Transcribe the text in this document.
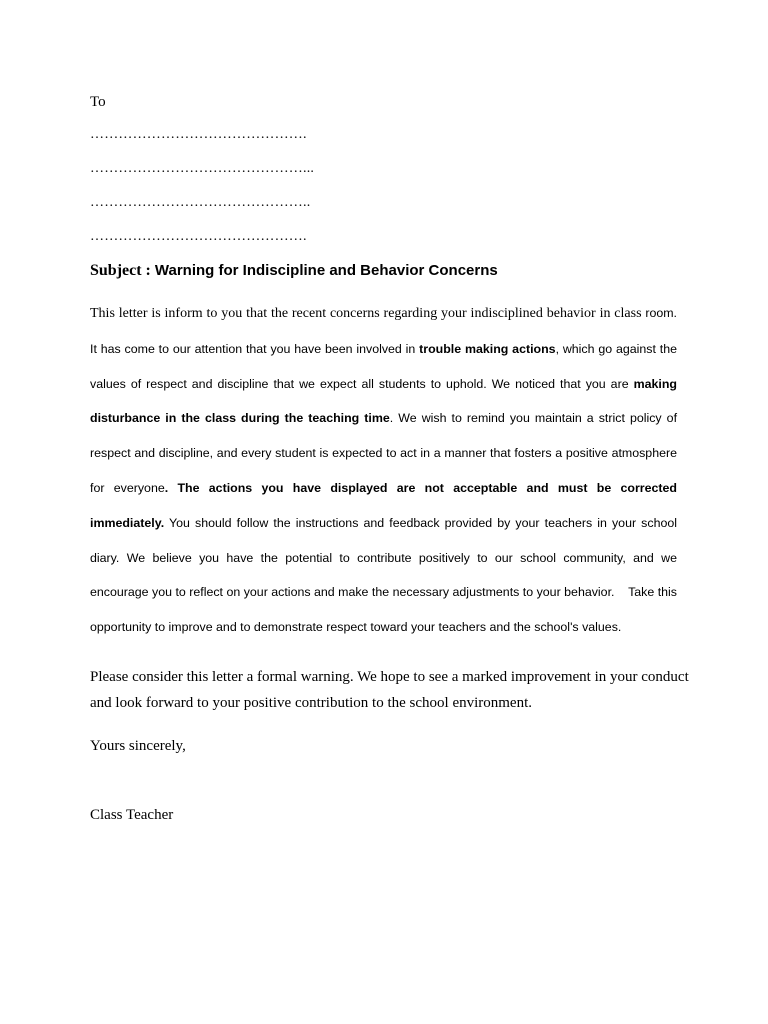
To
……………………………………….
………………………………………...
………………………………………..
……………………………………….
Subject : Warning for Indiscipline and Behavior Concerns

This letter is inform to you that the recent concerns regarding your indisciplined behavior in class room. It has come to our attention that you have been involved in trouble making actions, which go against the values of respect and discipline that we expect all students to uphold. We noticed that you are making disturbance in the class during the teaching time. We wish to remind you maintain a strict policy of respect and discipline, and every student is expected to act in a manner that fosters a positive atmosphere for everyone. The actions you have displayed are not acceptable and must be corrected immediately. You should follow the instructions and feedback provided by your teachers in your school diary. We believe you have the potential to contribute positively to our school community, and we encourage you to reflect on your actions and make the necessary adjustments to your behavior.    Take this opportunity to improve and to demonstrate respect toward your teachers and the school's values.

Please consider this letter a formal warning. We hope to see a marked improvement in your conduct and look forward to your positive contribution to the school environment.

Yours sincerely,
Class Teacher
